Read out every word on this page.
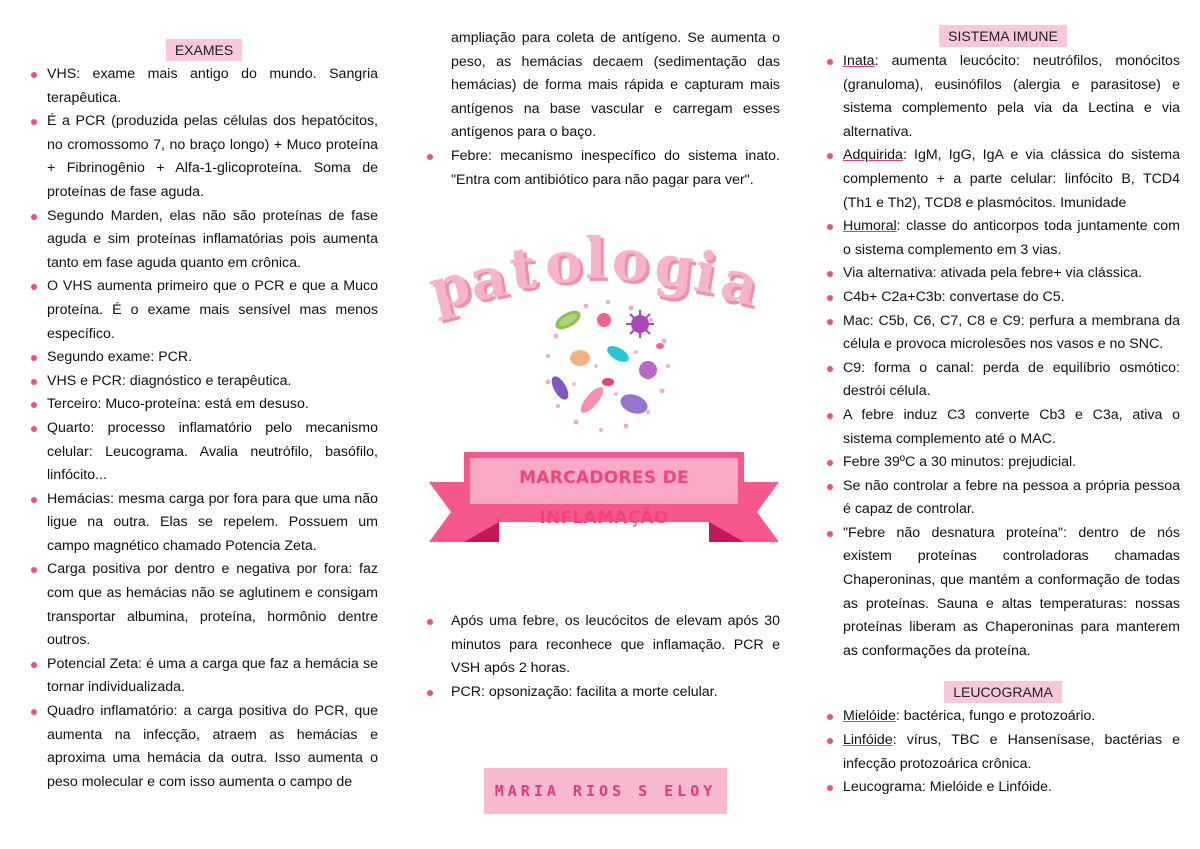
EXAMES
VHS: exame mais antigo do mundo. Sangria terapêutica.
É a PCR (produzida pelas células dos hepatócitos, no cromossomo 7, no braço longo) + Muco proteína + Fibrinogênio + Alfa-1-glicoproteína. Soma de proteínas de fase aguda.
Segundo Marden, elas não são proteínas de fase aguda e sim proteínas inflamatórias pois aumenta tanto em fase aguda quanto em crônica.
O VHS aumenta primeiro que o PCR e que a Muco proteína. É o exame mais sensível mas menos específico.
Segundo exame: PCR.
VHS e PCR: diagnóstico e terapêutica.
Terceiro: Muco-proteína: está em desuso.
Quarto: processo inflamatório pelo mecanismo celular: Leucograma. Avalia neutrófilo, basófilo, linfócito...
Hemácias: mesma carga por fora para que uma não ligue na outra. Elas se repelem. Possuem um campo magnético chamado Potencia Zeta.
Carga positiva por dentro e negativa por fora: faz com que as hemácias não se aglutinem e consigam transportar albumina, proteína, hormônio dentre outros.
Potencial Zeta: é uma a carga que faz a hemácia se tornar individualizada.
Quadro inflamatório: a carga positiva do PCR, que aumenta na infecção, atraem as hemácias e aproxima uma hemácia da outra. Isso aumenta o peso molecular e com isso aumenta o campo de

ampliação para coleta de antígeno. Se aumenta o peso, as hemácias decaem (sedimentação das hemácias) de forma mais rápida e capturam mais antígenos na base vascular e carregam esses antígenos para o baço.

Febre: mecanismo inespecífico do sistema inato. "Entra com antibiótico para não pagar para ver".
p
a
t o l o g
i
a
MARCADORES DE INFLAMAÇÃO
Após uma febre, os leucócitos de elevam após 30 minutos para reconhece que inflamação. PCR e VSH após 2 horas.
PCR: opsonização: facilita a morte celular.
MARIA RIOS S ELOY
SISTEMA IMUNE
Inata: aumenta leucócito: neutrófilos, monócitos (granuloma), eusinófilos (alergia e parasitose) e sistema complemento pela via da Lectina e via alternativa.
Adquirida: IgM, IgG, IgA e via clássica do sistema complemento + a parte celular: linfócito B, TCD4 (Th1 e Th2), TCD8 e plasmócitos. Imunidade
Humoral: classe do anticorpos toda juntamente com o sistema complemento em 3 vias.
Via alternativa: ativada pela febre+ via clássica.
C4b+ C2a+C3b: convertase do C5.
Mac: C5b, C6, C7, C8 e C9: perfura a membrana da célula e provoca microlesões nos vasos e no SNC.
C9: forma o canal: perda de equilíbrio osmótico: destrói célula.
A febre induz C3 converte Cb3 e C3a, ativa o sistema complemento até o MAC.
Febre 39ºC a 30 minutos: prejudicial.
Se não controlar a febre na pessoa a própria pessoa é capaz de controlar.
"Febre não desnatura proteína": dentro de nós existem proteínas controladoras chamadas Chaperoninas, que mantém a conformação de todas as proteínas. Sauna e altas temperaturas: nossas proteínas liberam as Chaperoninas para manterem as conformações da proteína.
LEUCOGRAMA
Mielóide: bactérica, fungo e protozoário.
Linfóide: vírus, TBC e Hansenísase, bactérias e infecção protozoárica crônica.
Leucograma: Mielóide e Linfóide.
